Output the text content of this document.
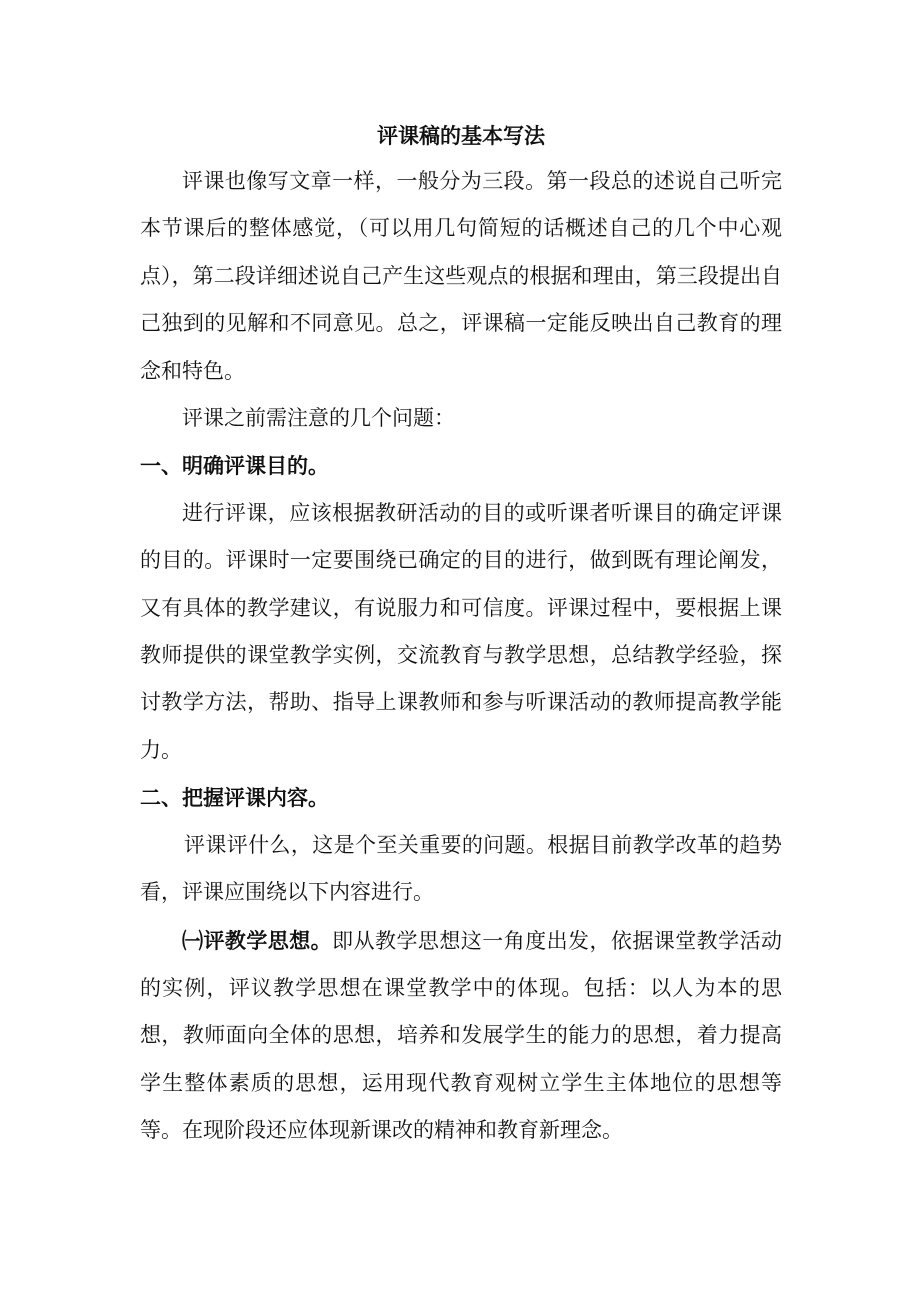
评课稿的基本写法

评课也像写文章一样，一般分为三段。第一段总的述说自己听完本节课后的整体感觉，（可以用几句简短的话概述自己的几个中心观点），第二段详细述说自己产生这些观点的根据和理由，第三段提出自己独到的见解和不同意见。总之，评课稿一定能反映出自己教育的理念和特色。

评课之前需注意的几个问题：

一、明确评课目的。

进行评课，应该根据教研活动的目的或听课者听课目的确定评课的目的。评课时一定要围绕已确定的目的进行，做到既有理论阐发，又有具体的教学建议，有说服力和可信度。评课过程中，要根据上课教师提供的课堂教学实例，交流教育与教学思想，总结教学经验，探讨教学方法，帮助、指导上课教师和参与听课活动的教师提高教学能力。

二、把握评课内容。

评课评什么，这是个至关重要的问题。根据目前教学改革的趋势看，评课应围绕以下内容进行。

㈠评教学思想。即从教学思想这一角度出发，依据课堂教学活动的实例，评议教学思想在课堂教学中的体现。包括：以人为本的思想，教师面向全体的思想，培养和发展学生的能力的思想，着力提高学生整体素质的思想，运用现代教育观树立学生主体地位的思想等等。在现阶段还应体现新课改的精神和教育新理念。
